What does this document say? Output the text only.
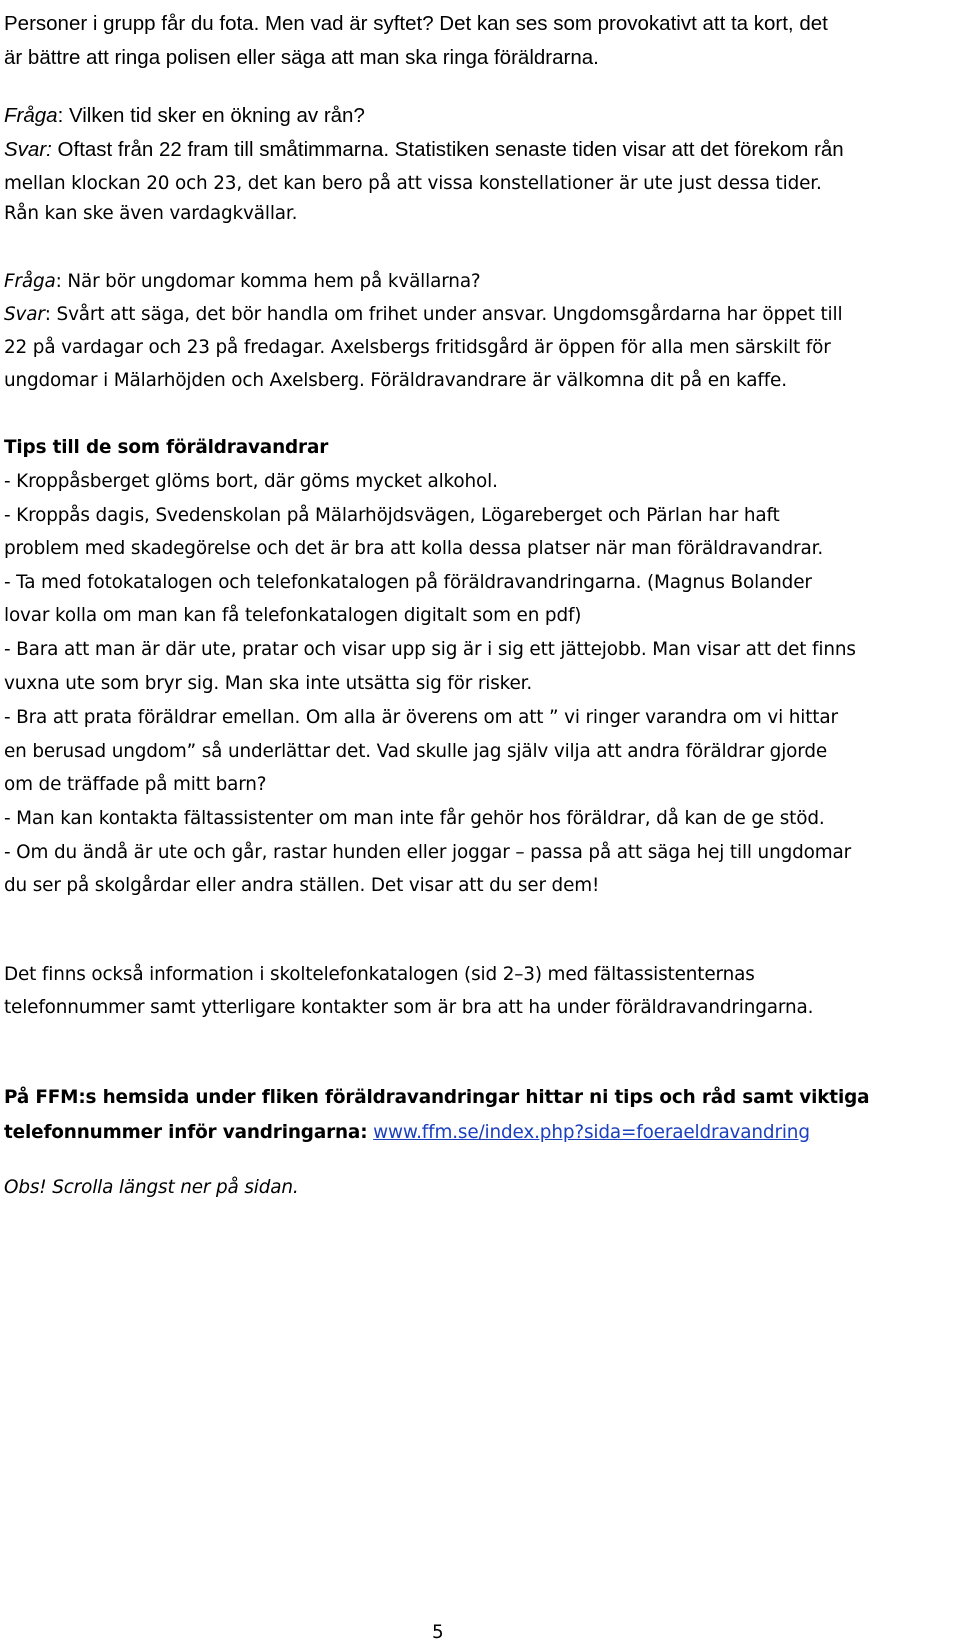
Personer i grupp får du fota. Men vad är syftet? Det kan ses som provokativt att ta kort, det
är bättre att ringa polisen eller säga att man ska ringa föräldrarna.
Fråga: Vilken tid sker en ökning av rån?
Svar: Oftast från 22 fram till småtimmarna. Statistiken senaste tiden visar att det förekom rån
mellan klockan 20 och 23, det kan bero på att vissa konstellationer är ute just dessa tider.
Rån kan ske även vardagkvällar.
Fråga: När bör ungdomar komma hem på kvällarna?
Svar: Svårt att säga, det bör handla om frihet under ansvar. Ungdomsgårdarna har öppet till
22 på vardagar och 23 på fredagar. Axelsbergs fritidsgård är öppen för alla men särskilt för
ungdomar i Mälarhöjden och Axelsberg. Föräldravandrare är välkomna dit på en kaffe.
Tips till de som föräldravandrar
- Kroppåsberget glöms bort, där göms mycket alkohol.
- Kroppås dagis, Svedenskolan på Mälarhöjdsvägen, Lögareberget och Pärlan har haft
problem med skadegörelse och det är bra att kolla dessa platser när man föräldravandrar.
- Ta med fotokatalogen och telefonkatalogen på föräldravandringarna. (Magnus Bolander
lovar kolla om man kan få telefonkatalogen digitalt som en pdf)
- Bara att man är där ute, pratar och visar upp sig är i sig ett jättejobb. Man visar att det finns
vuxna ute som bryr sig. Man ska inte utsätta sig för risker.
- Bra att prata föräldrar emellan. Om alla är överens om att ” vi ringer varandra om vi hittar
en berusad ungdom” så underlättar det. Vad skulle jag själv vilja att andra föräldrar gjorde
om de träffade på mitt barn?
- Man kan kontakta fältassistenter om man inte får gehör hos föräldrar, då kan de ge stöd.
- Om du ändå är ute och går, rastar hunden eller joggar – passa på att säga hej till ungdomar
du ser på skolgårdar eller andra ställen. Det visar att du ser dem!
Det finns också information i skoltelefonkatalogen (sid 2–3) med fältassistenternas
telefonnummer samt ytterligare kontakter som är bra att ha under föräldravandringarna.
På FFM:s hemsida under fliken föräldravandringar hittar ni tips och råd samt viktiga
telefonnummer inför vandringarna: www.ffm.se/index.php?sida=foeraeldravandring
Obs! Scrolla längst ner på sidan.
5
